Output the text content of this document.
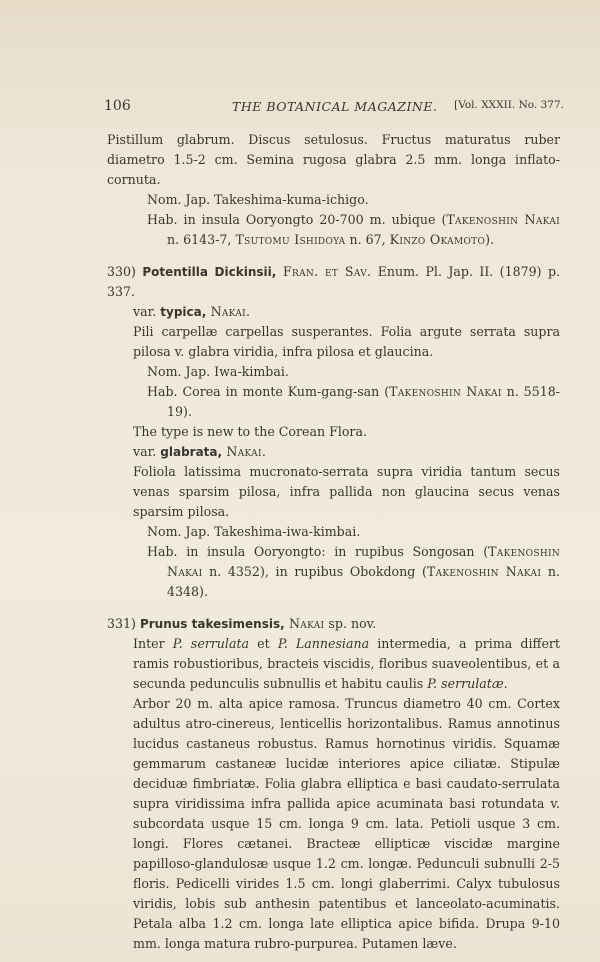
106	THE BOTANICAL MAGAZINE. [Vol. XXXII. No. 377.

Pistillum glabrum. Discus setulosus. Fructus maturatus ruber diametro 1.5-2 cm. Semina rugosa glabra 2.5 mm. longa inflato-cornuta.

Nom. Jap. Takeshima-kuma-ichigo.

Hab. in insula Ooryongto 20-700 m. ubique (Takenoshin Nakai n. 6143-7, Tsutomu Ishidoya n. 67, Kinzo Okamoto).

330) Potentilla Dickinsii, Fran. et Sav. Enum. Pl. Jap. II. (1879) p. 337.

var. typica, Nakai.

Pili carpellæ carpellas susperantes. Folia argute serrata supra pilosa v. glabra viridia, infra pilosa et glaucina.

Nom. Jap. Iwa-kimbai.

Hab. Corea in monte Kum-gang-san (Takenoshin Nakai n. 5518-19).

The type is new to the Corean Flora.

var. glabrata, Nakai.

Foliola latissima mucronato-serrata supra viridia tantum secus venas sparsim pilosa, infra pallida non glaucina secus venas sparsim pilosa.

Nom. Jap. Takeshima-iwa-kimbai.

Hab. in insula Ooryongto: in rupibus Songosan (Takenoshin Nakai n. 4352), in rupibus Obokdong (Takenoshin Nakai n. 4348).

331) Prunus takesimensis, Nakai sp. nov.

Inter P. serrulata et P. Lannesiana intermedia, a prima differt ramis robustioribus, bracteis viscidis, floribus suaveolentibus, et a secunda pedunculis subnullis et habitu caulis P. serrulatæ.

Arbor 20 m. alta apice ramosa. Truncus diametro 40 cm. Cortex adultus atro-cinereus, lenticellis horizontalibus. Ramus annotinus lucidus castaneus robustus. Ramus hornotinus viridis. Squamæ gemmarum castaneæ lucidæ interiores apice ciliatæ. Stipulæ deciduæ fimbriatæ. Folia glabra elliptica e basi caudato-serrulata supra viridissima infra pallida apice acuminata basi rotundata v. subcordata usque 15 cm. longa 9 cm. lata. Petioli usque 3 cm. longi. Flores cætanei. Bracteæ ellipticæ viscidæ margine papilloso-glandulosæ usque 1.2 cm. longæ. Pedunculi subnulli 2-5 floris. Pedicelli virides 1.5 cm. longi glaberrimi. Calyx tubulosus viridis, lobis sub anthesin patentibus et lanceolato-acuminatis. Petala alba 1.2 cm. longa late elliptica apice bifida. Drupa 9-10 mm. longa matura rubro-purpurea. Putamen læve.
